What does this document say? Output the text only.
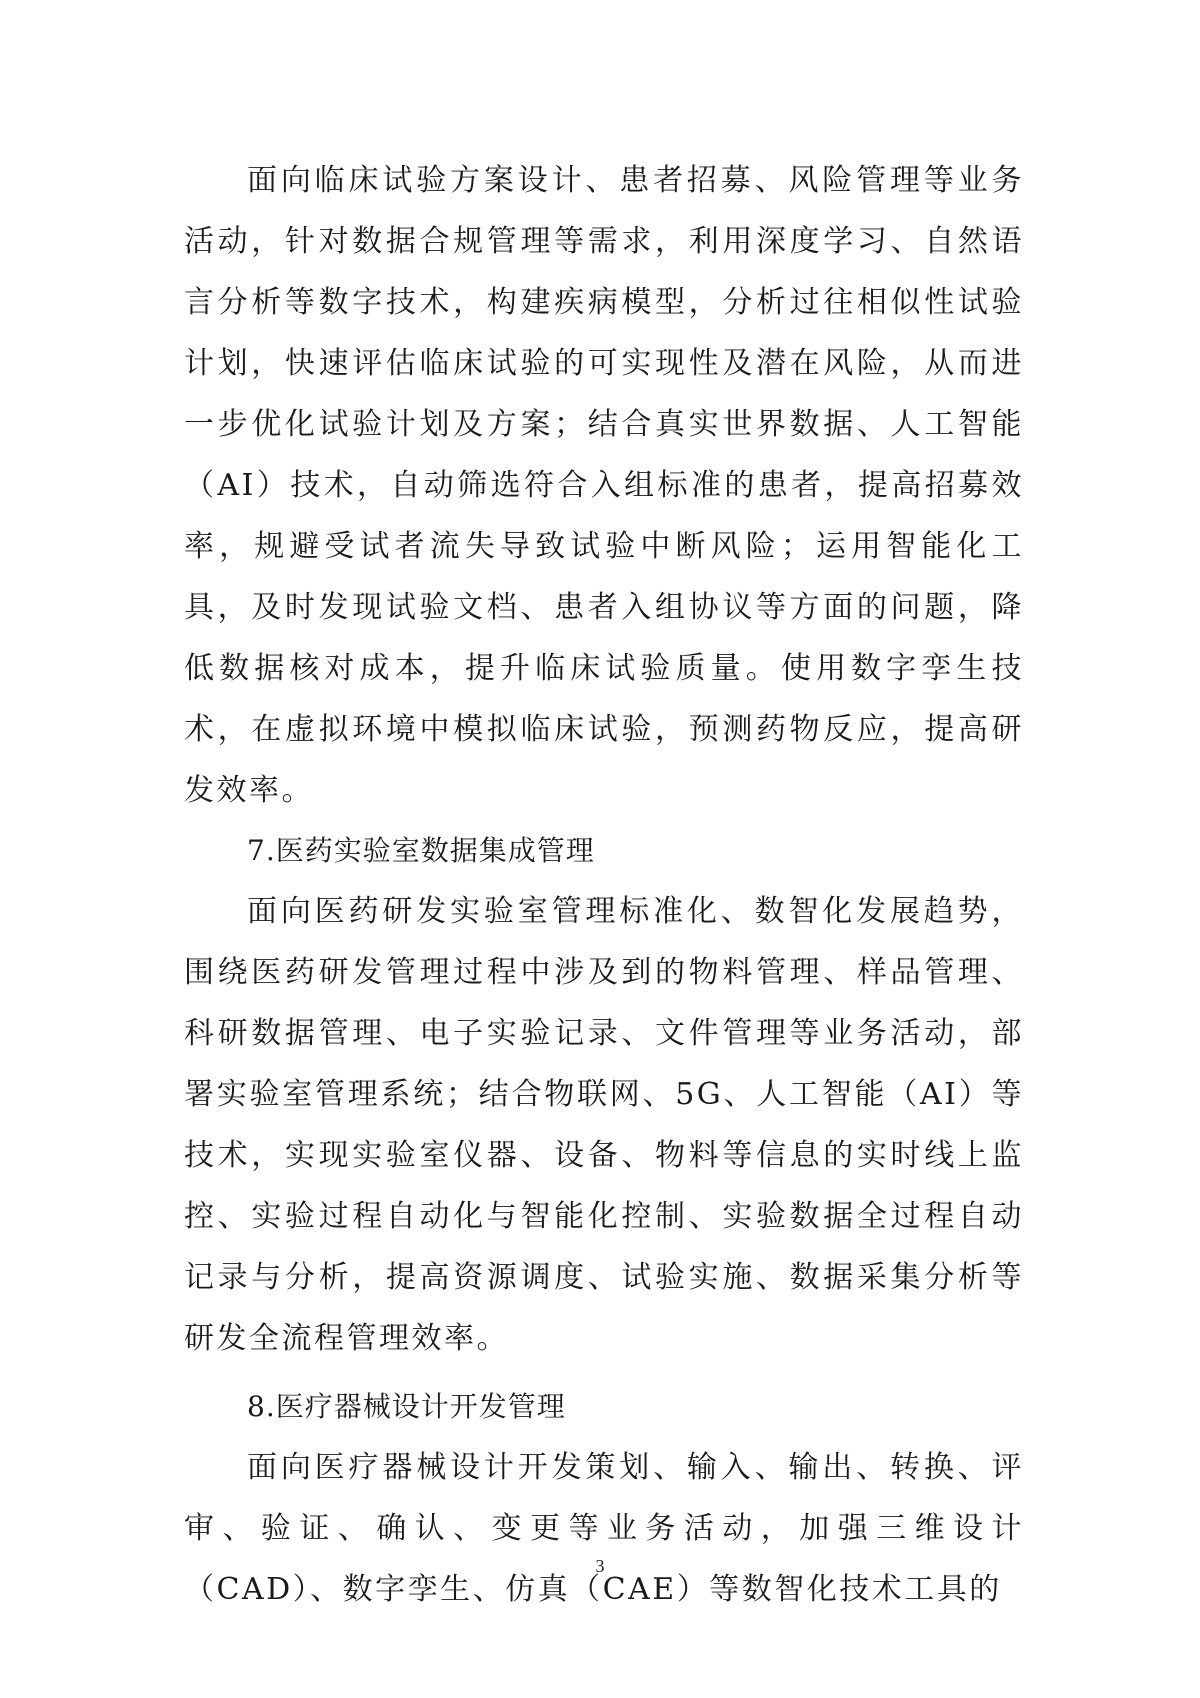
面向临床试验方案设计、患者招募、风险管理等业务活动，针对数据合规管理等需求，利用深度学习、自然语言分析等数字技术，构建疾病模型，分析过往相似性试验计划，快速评估临床试验的可实现性及潜在风险，从而进一步优化试验计划及方案；结合真实世界数据、人工智能（AI）技术，自动筛选符合入组标准的患者，提高招募效率，规避受试者流失导致试验中断风险；运用智能化工具，及时发现试验文档、患者入组协议等方面的问题，降低数据核对成本，提升临床试验质量。使用数字孪生技术，在虚拟环境中模拟临床试验，预测药物反应，提高研发效率。

7.医药实验室数据集成管理

面向医药研发实验室管理标准化、数智化发展趋势，围绕医药研发管理过程中涉及到的物料管理、样品管理、科研数据管理、电子实验记录、文件管理等业务活动，部署实验室管理系统；结合物联网、5G、人工智能（AI）等技术，实现实验室仪器、设备、物料等信息的实时线上监控、实验过程自动化与智能化控制、实验数据全过程自动记录与分析，提高资源调度、试验实施、数据采集分析等研发全流程管理效率。

8.医疗器械设计开发管理

面向医疗器械设计开发策划、输入、输出、转换、评审、验证、确认、变更等业务活动，加强三维设计（CAD）、数字孪生、仿真（CAE）等数智化技术工具的

3
